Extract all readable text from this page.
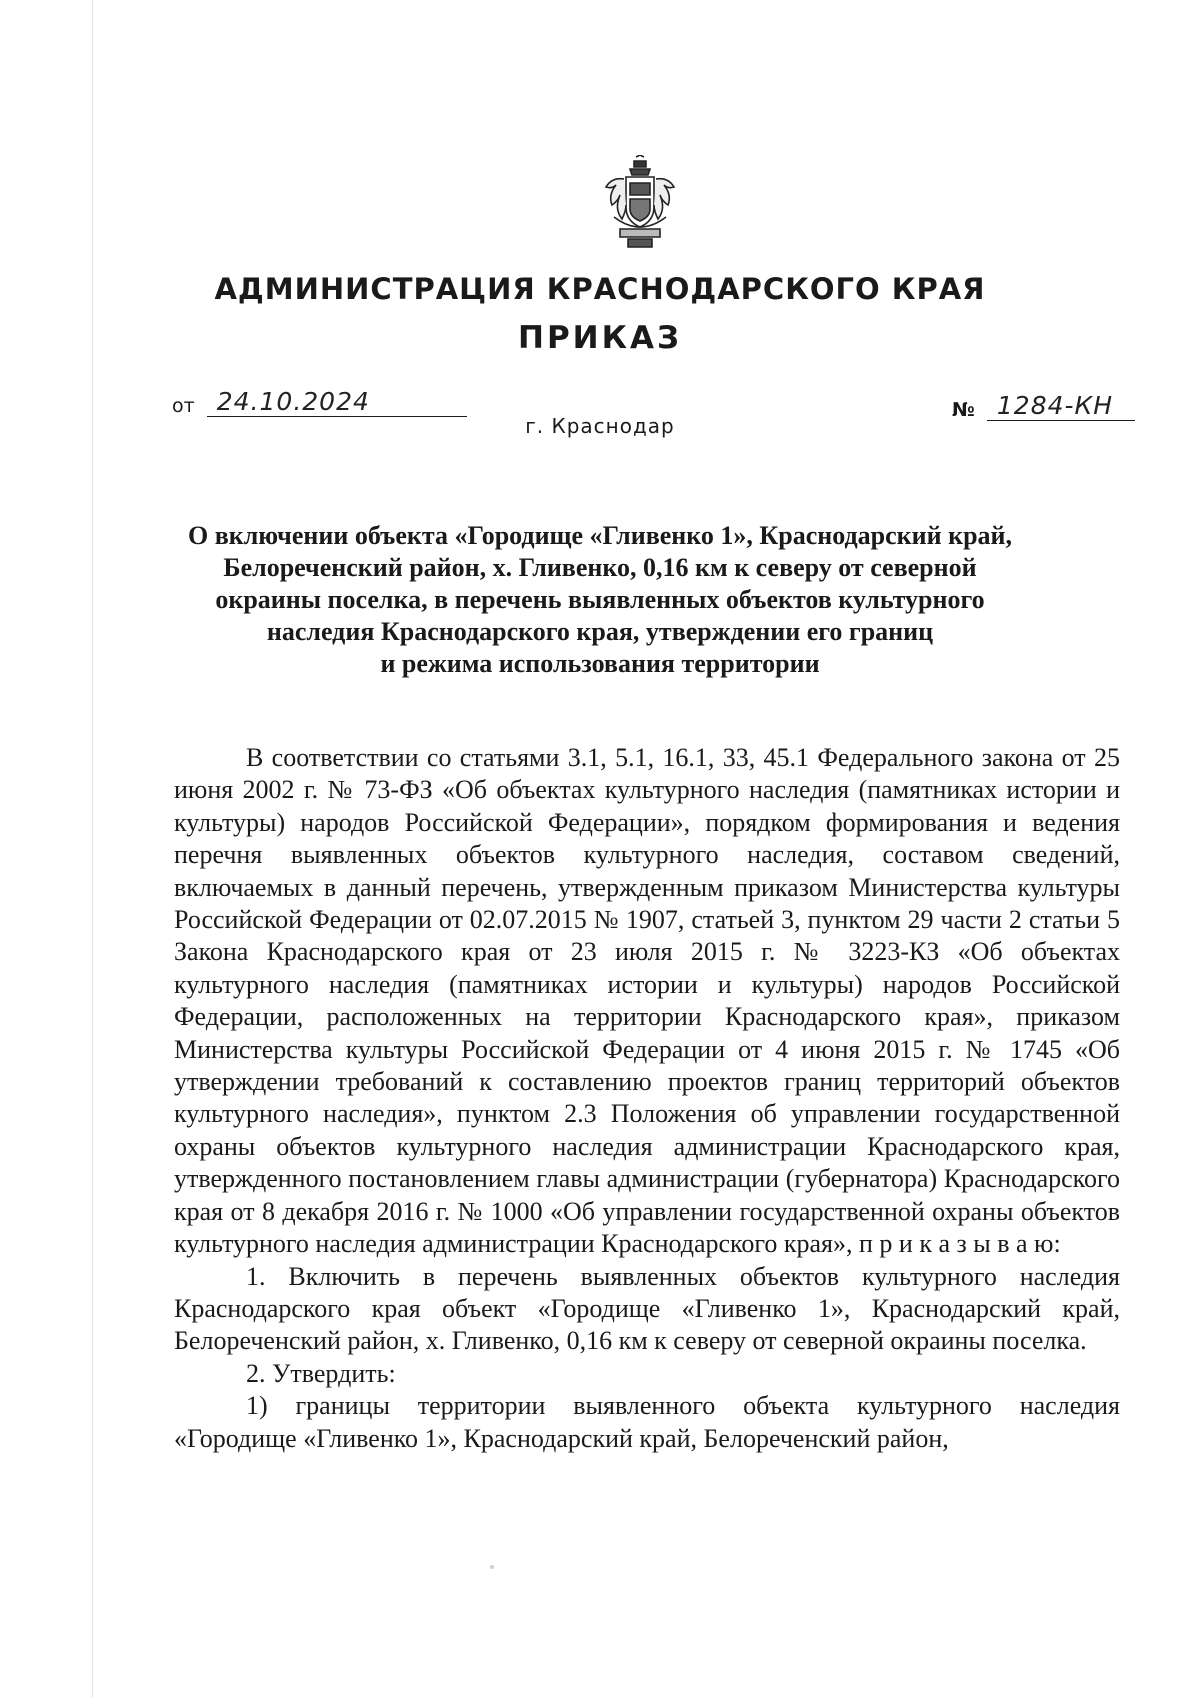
АДМИНИСТРАЦИЯ КРАСНОДАРСКОГО КРАЯ
ПРИКАЗ
от 24.10.2024	№ 1284-КН
г. Краснодар
О включении объекта «Городище «Гливенко 1», Краснодарский край,
Белореченский район, х. Гливенко, 0,16 км к северу от северной
окраины поселка, в перечень выявленных объектов культурного
наследия Краснодарского края, утверждении его границ
и режима использования территории

В соответствии со статьями 3.1, 5.1, 16.1, 33, 45.1 Федерального закона от 25 июня 2002 г. № 73-ФЗ «Об объектах культурного наследия (памятниках истории и культуры) народов Российской Федерации», порядком формирования и ведения перечня выявленных объектов культурного наследия, составом сведений, включаемых в данный перечень, утвержденным приказом Министерства культуры Российской Федерации от 02.07.2015 № 1907, статьей 3, пунктом 29 части 2 статьи 5 Закона Краснодарского края от 23 июля 2015 г. № 3223-КЗ «Об объектах культурного наследия (памятниках истории и культуры) народов Российской Федерации, расположенных на территории Краснодарского края», приказом Министерства культуры Российской Федерации от 4 июня 2015 г. № 1745 «Об утверждении требований к составлению проектов границ территорий объектов культурного наследия», пунктом 2.3 Положения об управлении государственной охраны объектов культурного наследия администрации Краснодарского края, утвержденного постановлением главы администрации (губернатора) Краснодарского края от 8 декабря 2016 г. № 1000 «Об управлении государственной охраны объектов культурного наследия администрации Краснодарского края», п р и к а з ы в а ю:

1. Включить в перечень выявленных объектов культурного наследия Краснодарского края объект «Городище «Гливенко 1», Краснодарский край, Белореченский район, х. Гливенко, 0,16 км к северу от северной окраины поселка.

2. Утвердить:

1) границы территории выявленного объекта культурного наследия «Городище «Гливенко 1», Краснодарский край, Белореченский район,
